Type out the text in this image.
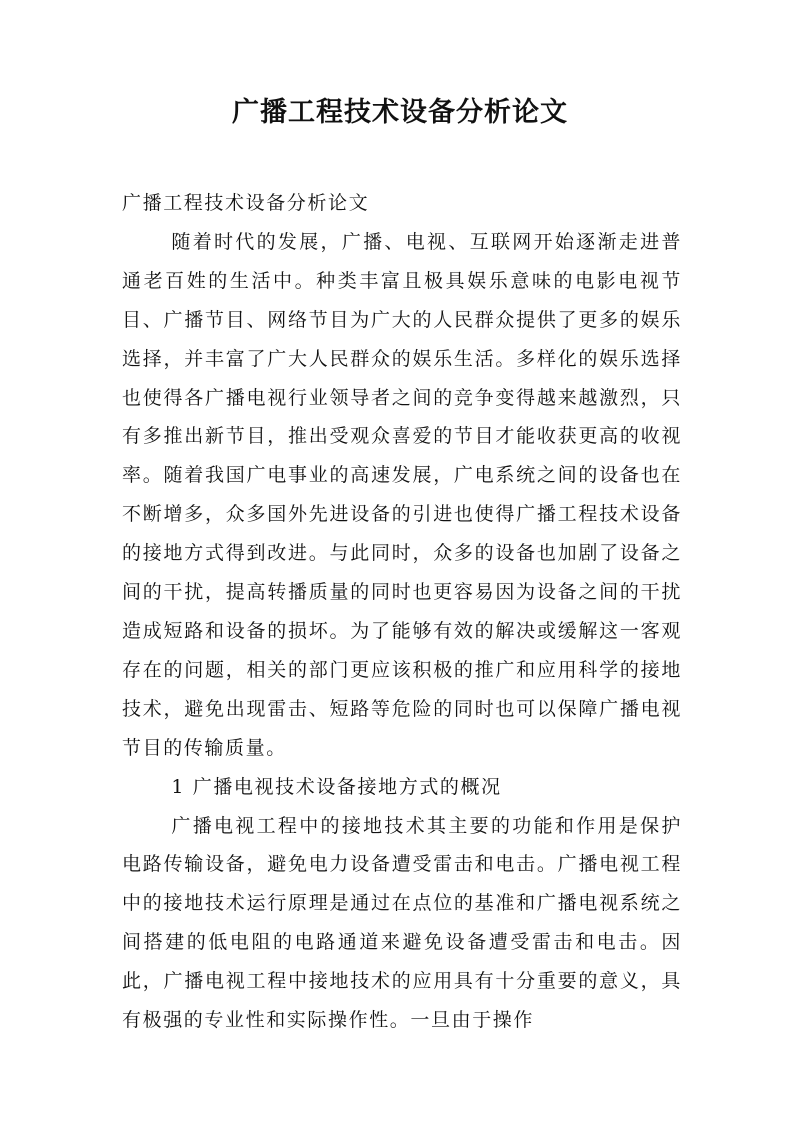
广播工程技术设备分析论文

广播工程技术设备分析论文

随着时代的发展，广播、电视、互联网开始逐渐走进普通老百姓的生活中。种类丰富且极具娱乐意味的电影电视节目、广播节目、网络节目为广大的人民群众提供了更多的娱乐选择，并丰富了广大人民群众的娱乐生活。多样化的娱乐选择也使得各广播电视行业领导者之间的竞争变得越来越激烈，只有多推出新节目，推出受观众喜爱的节目才能收获更高的收视率。随着我国广电事业的高速发展，广电系统之间的设备也在不断增多，众多国外先进设备的引进也使得广播工程技术设备的接地方式得到改进。与此同时，众多的设备也加剧了设备之间的干扰，提高转播质量的同时也更容易因为设备之间的干扰造成短路和设备的损坏。为了能够有效的解决或缓解这一客观存在的问题，相关的部门更应该积极的推广和应用科学的接地技术，避免出现雷击、短路等危险的同时也可以保障广播电视节目的传输质量。

1 广播电视技术设备接地方式的概况

广播电视工程中的接地技术其主要的功能和作用是保护电路传输设备，避免电力设备遭受雷击和电击。广播电视工程中的接地技术运行原理是通过在点位的基准和广播电视系统之间搭建的低电阻的电路通道来避免设备遭受雷击和电击。因此，广播电视工程中接地技术的应用具有十分重要的意义，具有极强的专业性和实际操作性。一旦由于操作
